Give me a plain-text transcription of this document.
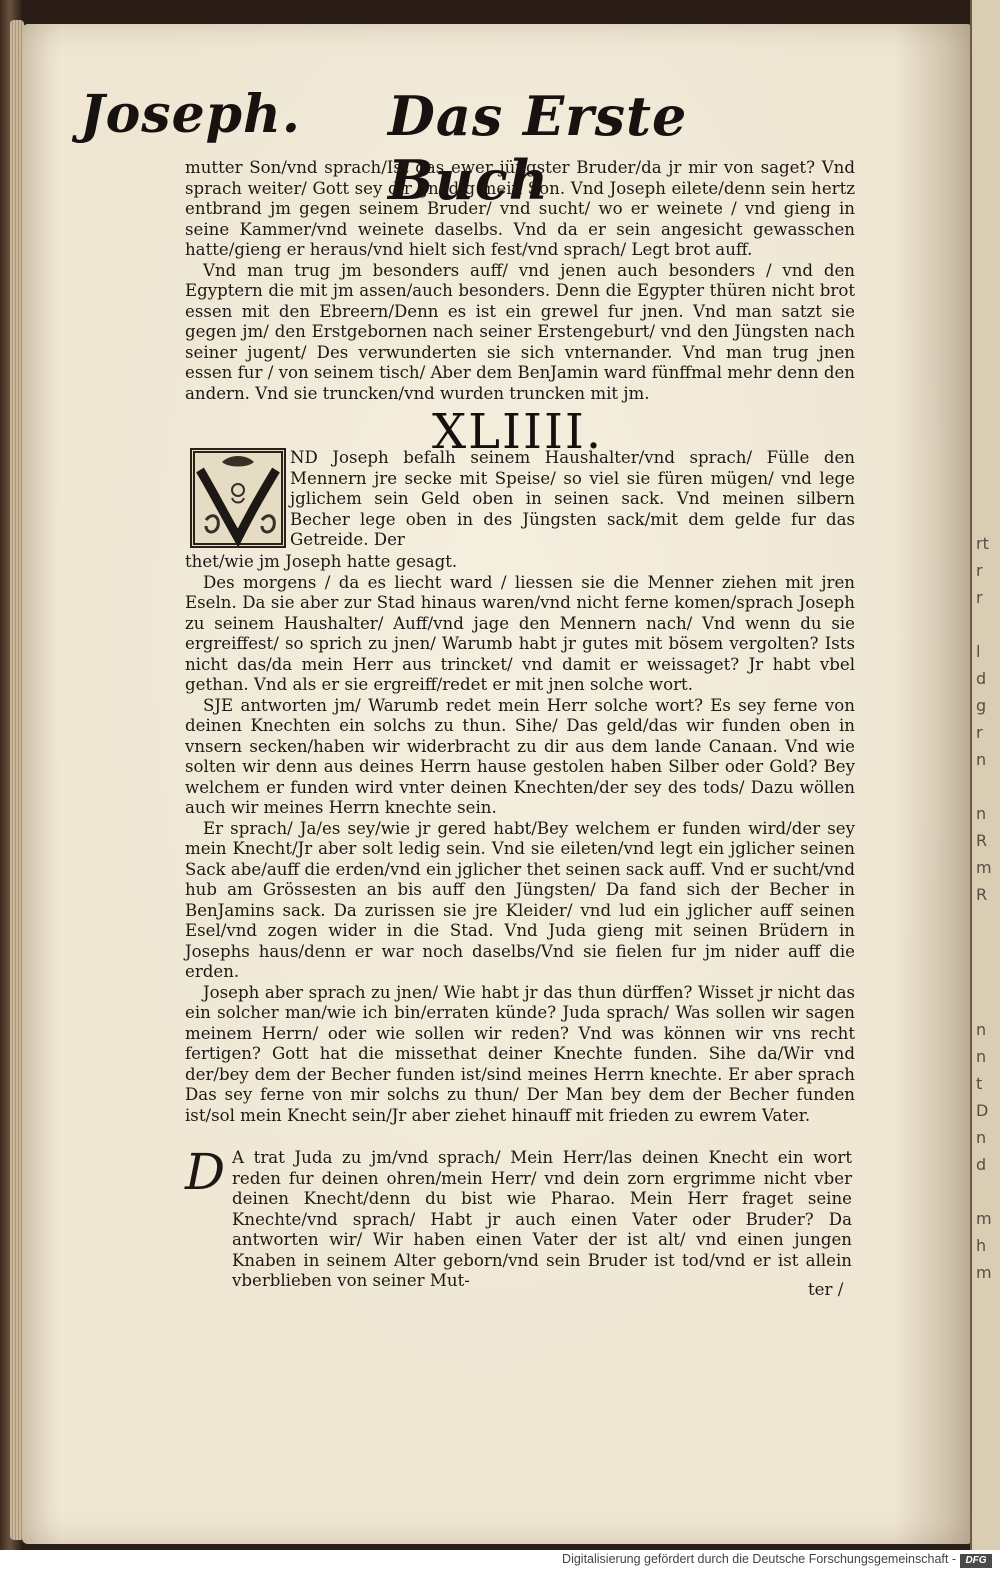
rt
r
r

l
d
g
r
n

n
R
m
R

n
n
t
D
n
d

m
h
m
Joseph. Das Erste Buch

mutter Son/vnd sprach/Ist das ewer jüngster Bruder/da jr mir von saget? Vnd sprach weiter/ Gott sey dir gnedig mein Son. Vnd Joseph eilete/denn sein hertz entbrand jm gegen seinem Bruder/ vnd sucht/ wo er weinete / vnd gieng in seine Kammer/vnd weinete daselbs. Vnd da er sein angesicht gewasschen hatte/gieng er heraus/vnd hielt sich fest/vnd sprach/ Legt brot auff.

Vnd man trug jm besonders auff/ vnd jenen auch besonders / vnd den Egyptern die mit jm assen/auch besonders. Denn die Egypter thüren nicht brot essen mit den Ebreern/Denn es ist ein grewel fur jnen. Vnd man satzt sie gegen jm/ den Erstgebornen nach seiner Erstengeburt/ vnd den Jüngsten nach seiner jugent/ Des verwunderten sie sich vnternander. Vnd man trug jnen essen fur / von seinem tisch/ Aber dem BenJamin ward fünffmal mehr denn den andern. Vnd sie truncken/vnd wurden truncken mit jm.

XLIIII.
ND Joseph befalh seinem Haushalter/vnd sprach/ Fülle den Mennern jre secke mit Speise/ so viel sie füren mügen/ vnd lege jglichem sein Geld oben in seinen sack. Vnd meinen silbern Becher lege oben in des Jüngsten sack/mit dem gelde fur das Getreide. Der

thet/wie jm Joseph hatte gesagt.

Des morgens / da es liecht ward / liessen sie die Menner ziehen mit jren Eseln. Da sie aber zur Stad hinaus waren/vnd nicht ferne komen/sprach Joseph zu seinem Haushalter/ Auff/vnd jage den Mennern nach/ Vnd wenn du sie ergreiffest/ so sprich zu jnen/ Warumb habt jr gutes mit bösem vergolten? Ists nicht das/da mein Herr aus trincket/ vnd damit er weissaget? Jr habt vbel gethan. Vnd als er sie ergreiff/redet er mit jnen solche wort.

SJE antworten jm/ Warumb redet mein Herr solche wort? Es sey ferne von deinen Knechten ein solchs zu thun. Sihe/ Das geld/das wir funden oben in vnsern secken/haben wir widerbracht zu dir aus dem lande Canaan. Vnd wie solten wir denn aus deines Herrn hause gestolen haben Silber oder Gold? Bey welchem er funden wird vnter deinen Knechten/der sey des tods/ Dazu wöllen auch wir meines Herrn knechte sein.

Er sprach/ Ja/es sey/wie jr gered habt/Bey welchem er funden wird/der sey mein Knecht/Jr aber solt ledig sein. Vnd sie eileten/vnd legt ein jglicher seinen Sack abe/auff die erden/vnd ein jglicher thet seinen sack auff. Vnd er sucht/vnd hub am Grössesten an bis auff den Jüngsten/ Da fand sich der Becher in BenJamins sack. Da zurissen sie jre Kleider/ vnd lud ein jglicher auff seinen Esel/vnd zogen wider in die Stad. Vnd Juda gieng mit seinen Brüdern in Josephs haus/denn er war noch daselbs/Vnd sie fielen fur jm nider auff die erden.

Joseph aber sprach zu jnen/ Wie habt jr das thun dürffen? Wisset jr nicht das ein solcher man/wie ich bin/erraten künde? Juda sprach/ Was sollen wir sagen meinem Herrn/ oder wie sollen wir reden? Vnd was können wir vns recht fertigen? Gott hat die missethat deiner Knechte funden. Sihe da/Wir vnd der/bey dem der Becher funden ist/sind meines Herrn knechte. Er aber sprach Das sey ferne von mir solchs zu thun/ Der Man bey dem der Becher funden ist/sol mein Knecht sein/Jr aber ziehet hinauff mit frieden zu ewrem Vater.

D A trat Juda zu jm/vnd sprach/ Mein Herr/las deinen Knecht ein wort reden fur deinen ohren/mein Herr/ vnd dein zorn ergrimme nicht vber deinen Knecht/denn du bist wie Pharao. Mein Herr fraget seine Knechte/vnd sprach/ Habt jr auch einen Vater oder Bruder? Da antworten wir/ Wir haben einen Vater der ist alt/ vnd einen jungen Knaben in seinem Alter geborn/vnd sein Bruder ist tod/vnd er ist allein vberblieben von seiner Mut-	ter /
Digitalisierung gefördert durch die Deutsche Forschungsgemeinschaft - DFG
